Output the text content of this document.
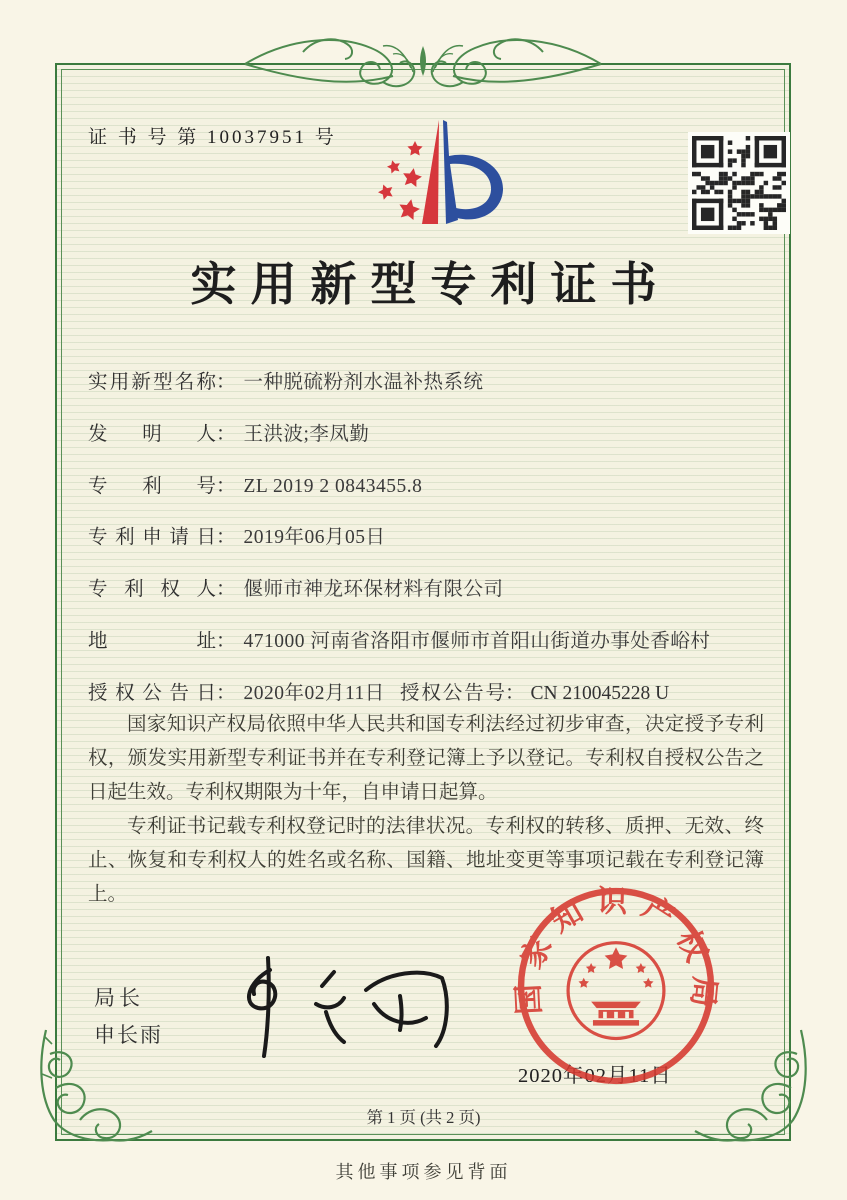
证 书 号 第 10037951 号
实用新型专利证书
实用新型名称： 一种脱硫粉剂水温补热系统
发明人： 王洪波;李凤勤
专利号： ZL 2019 2 0843455.8
专利申请日： 2019年06月05日
专利权人： 偃师市神龙环保材料有限公司
地址： 471000 河南省洛阳市偃师市首阳山街道办事处香峪村
授权公告日： 2020年02月11日 授权公告号： CN 210045228 U

国家知识产权局依照中华人民共和国专利法经过初步审查，决定授予专利权，颁发实用新型专利证书并在专利登记簿上予以登记。专利权自授权公告之日起生效。专利权期限为十年，自申请日起算。

专利证书记载专利权登记时的法律状况。专利权的转移、质押、无效、终止、恢复和专利权人的姓名或名称、国籍、地址变更等事项记载在专利登记簿上。

局长
申长雨
2020年02月11日
国家知识产权局
第 1 页 (共 2 页)
其他事项参见背面
